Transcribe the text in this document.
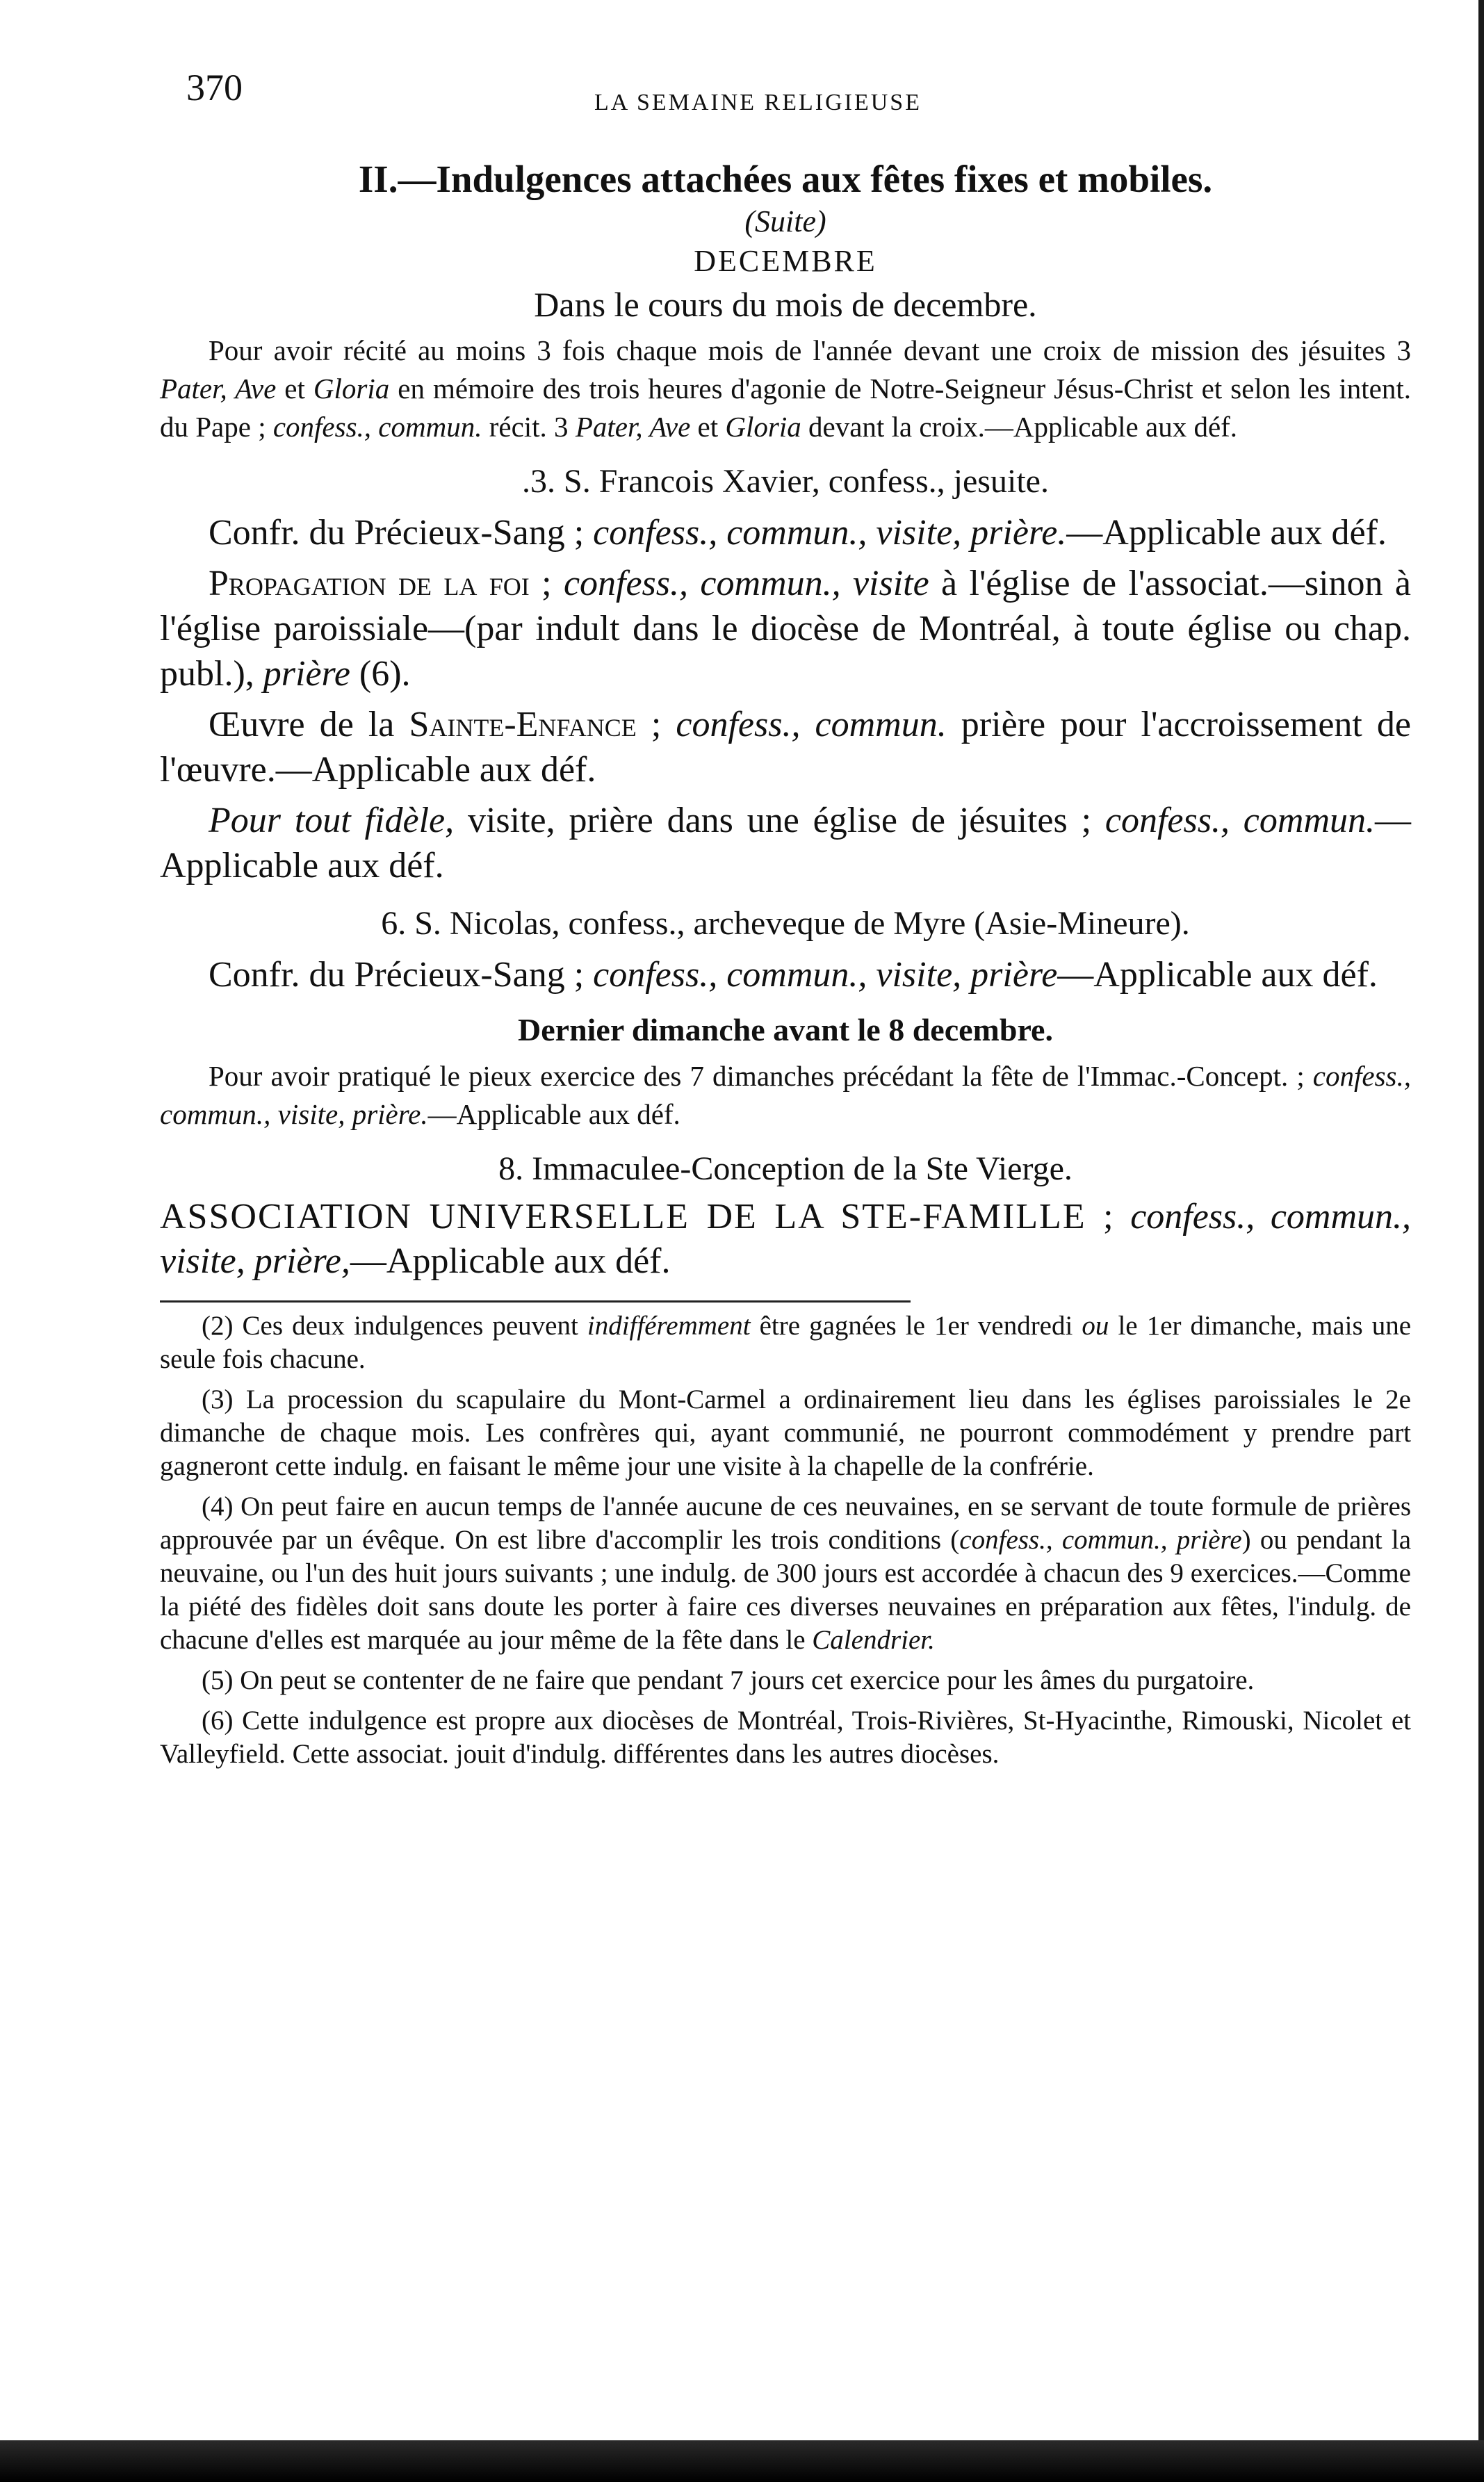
370	LA SEMAINE RELIGIEUSE

II.—Indulgences attachées aux fêtes fixes et mobiles.

(Suite)

DECEMBRE

Dans le cours du mois de decembre.

Pour avoir récité au moins 3 fois chaque mois de l'année devant une croix de mission des jésuites 3 Pater, Ave et Gloria en mémoire des trois heures d'agonie de Notre-Seigneur Jésus-Christ et selon les intent. du Pape ; confess., commun. récit. 3 Pater, Ave et Gloria devant la croix.—Applicable aux déf.

.3. S. Francois Xavier, confess., jesuite.

Confr. du Précieux-Sang ; confess., commun., visite, prière.—Applicable aux déf.

Propagation de la foi ; confess., commun., visite à l'église de l'associat.—sinon à l'église paroissiale—(par indult dans le diocèse de Montréal, à toute église ou chap. publ.), prière (6).

Œuvre de la Sainte-Enfance ; confess., commun. prière pour l'accroissement de l'œuvre.—Applicable aux déf.

Pour tout fidèle, visite, prière dans une église de jésuites ; confess., commun.—Applicable aux déf.

6. S. Nicolas, confess., archeveque de Myre (Asie-Mineure).

Confr. du Précieux-Sang ; confess., commun., visite, prière—Applicable aux déf.

Dernier dimanche avant le 8 decembre.

Pour avoir pratiqué le pieux exercice des 7 dimanches précédant la fête de l'Immac.-Concept. ; confess., commun., visite, prière.—Applicable aux déf.

8. Immaculee-Conception de la Ste Vierge.

ASSOCIATION UNIVERSELLE DE LA STE-FAMILLE ; confess., commun., visite, prière,—Applicable aux déf.

(2) Ces deux indulgences peuvent indifféremment être gagnées le 1er vendredi ou le 1er dimanche, mais une seule fois chacune.

(3) La procession du scapulaire du Mont-Carmel a ordinairement lieu dans les églises paroissiales le 2e dimanche de chaque mois. Les confrères qui, ayant communié, ne pourront commodément y prendre part gagneront cette indulg. en faisant le même jour une visite à la chapelle de la confrérie.

(4) On peut faire en aucun temps de l'année aucune de ces neuvaines, en se servant de toute formule de prières approuvée par un évêque. On est libre d'accomplir les trois conditions (confess., commun., prière) ou pendant la neuvaine, ou l'un des huit jours suivants ; une indulg. de 300 jours est accordée à chacun des 9 exercices.—Comme la piété des fidèles doit sans doute les porter à faire ces diverses neuvaines en préparation aux fêtes, l'indulg. de chacune d'elles est marquée au jour même de la fête dans le Calendrier.

(5) On peut se contenter de ne faire que pendant 7 jours cet exercice pour les âmes du purgatoire.

(6) Cette indulgence est propre aux diocèses de Montréal, Trois-Rivières, St-Hyacinthe, Rimouski, Nicolet et Valleyfield. Cette associat. jouit d'indulg. différentes dans les autres diocèses.
